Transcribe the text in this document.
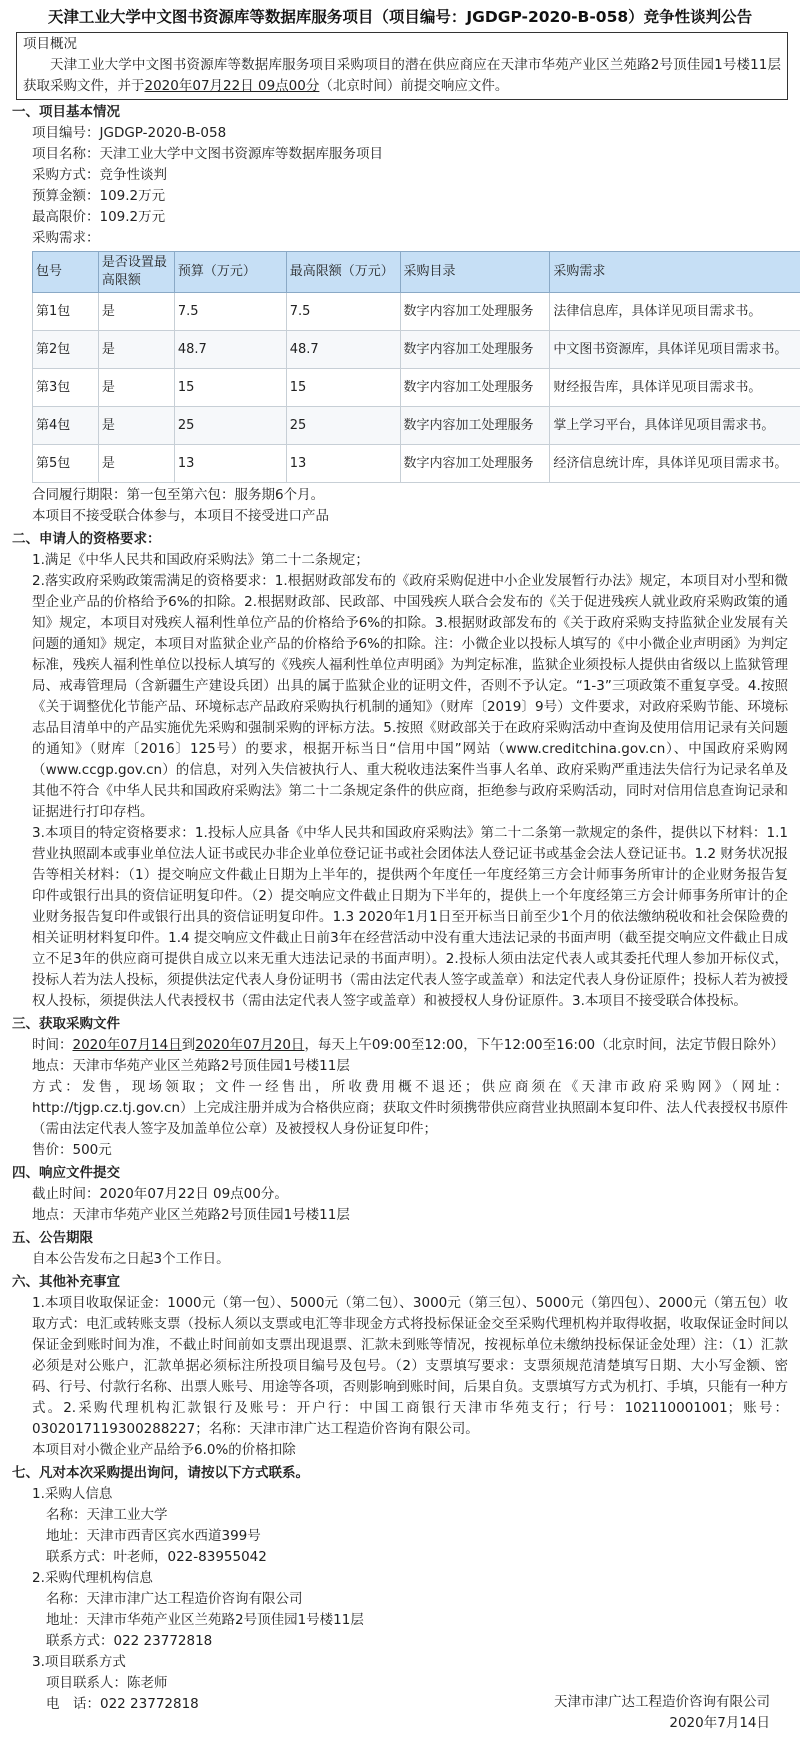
天津工业大学中文图书资源库等数据库服务项目（项目编号：JGDGP-2020-B-058）竞争性谈判公告
项目概况
天津工业大学中文图书资源库等数据库服务项目采购项目的潜在供应商应在天津市华苑产业区兰苑路2号顶佳园1号楼11层获取采购文件，并于2020年07月22日 09点00分（北京时间）前提交响应文件。
一、项目基本情况
项目编号：JGDGP-2020-B-058
项目名称：天津工业大学中文图书资源库等数据库服务项目
采购方式：竞争性谈判
预算金额：109.2万元
最高限价：109.2万元
采购需求：
包号	是否设置最高限额	预算（万元）	最高限额（万元）	采购目录	采购需求
第1包	是	7.5	7.5	数字内容加工处理服务	法律信息库，具体详见项目需求书。
第2包	是	48.7	48.7	数字内容加工处理服务	中文图书资源库，具体详见项目需求书。
第3包	是	15	15	数字内容加工处理服务	财经报告库，具体详见项目需求书。
第4包	是	25	25	数字内容加工处理服务	掌上学习平台，具体详见项目需求书。
第5包	是	13	13	数字内容加工处理服务	经济信息统计库，具体详见项目需求书。
合同履行期限：第一包至第六包：服务期6个月。
本项目不接受联合体参与，本项目不接受进口产品
二、申请人的资格要求：
1.满足《中华人民共和国政府采购法》第二十二条规定；
2.落实政府采购政策需满足的资格要求：1.根据财政部发布的《政府采购促进中小企业发展暂行办法》规定，本项目对小型和微型企业产品的价格给予6%的扣除。2.根据财政部、民政部、中国残疾人联合会发布的《关于促进残疾人就业政府采购政策的通知》规定，本项目对残疾人福利性单位产品的价格给予6%的扣除。3.根据财政部发布的《关于政府采购支持监狱企业发展有关问题的通知》规定，本项目对监狱企业产品的价格给予6%的扣除。注：小微企业以投标人填写的《中小微企业声明函》为判定标准，残疾人福利性单位以投标人填写的《残疾人福利性单位声明函》为判定标准，监狱企业须投标人提供由省级以上监狱管理局、戒毒管理局（含新疆生产建设兵团）出具的属于监狱企业的证明文件，否则不予认定。“1-3”三项政策不重复享受。4.按照《关于调整优化节能产品、环境标志产品政府采购执行机制的通知》（财库〔2019〕9号）文件要求，对政府采购节能、环境标志品目清单中的产品实施优先采购和强制采购的评标方法。5.按照《财政部关于在政府采购活动中查询及使用信用记录有关问题的通知》（财库〔2016〕125号）的要求，根据开标当日“信用中国”网站（www.creditchina.gov.cn）、中国政府采购网（www.ccgp.gov.cn）的信息，对列入失信被执行人、重大税收违法案件当事人名单、政府采购严重违法失信行为记录名单及其他不符合《中华人民共和国政府采购法》第二十二条规定条件的供应商，拒绝参与政府采购活动，同时对信用信息查询记录和证据进行打印存档。
3.本项目的特定资格要求：1.投标人应具备《中华人民共和国政府采购法》第二十二条第一款规定的条件，提供以下材料：1.1 营业执照副本或事业单位法人证书或民办非企业单位登记证书或社会团体法人登记证书或基金会法人登记证书。1.2 财务状况报告等相关材料：（1）提交响应文件截止日期为上半年的，提供两个年度任一年度经第三方会计师事务所审计的企业财务报告复印件或银行出具的资信证明复印件。（2）提交响应文件截止日期为下半年的，提供上一个年度经第三方会计师事务所审计的企业财务报告复印件或银行出具的资信证明复印件。1.3 2020年1月1日至开标当日前至少1个月的依法缴纳税收和社会保险费的相关证明材料复印件。1.4 提交响应文件截止日前3年在经营活动中没有重大违法记录的书面声明（截至提交响应文件截止日成立不足3年的供应商可提供自成立以来无重大违法记录的书面声明）。2.投标人须由法定代表人或其委托代理人参加开标仪式，投标人若为法人投标，须提供法定代表人身份证明书（需由法定代表人签字或盖章）和法定代表人身份证原件；投标人若为被授权人投标，须提供法人代表授权书（需由法定代表人签字或盖章）和被授权人身份证原件。3.本项目不接受联合体投标。
三、获取采购文件
时间：2020年07月14日到2020年07月20日，每天上午09:00至12:00，下午12:00至16:00（北京时间，法定节假日除外）
地点：天津市华苑产业区兰苑路2号顶佳园1号楼11层
方式：发售，现场领取；文件一经售出，所收费用概不退还；供应商须在《天津市政府采购网》（网址：http://tjgp.cz.tj.gov.cn）上完成注册并成为合格供应商；获取文件时须携带供应商营业执照副本复印件、法人代表授权书原件（需由法定代表人签字及加盖单位公章）及被授权人身份证复印件；
售价：500元
四、响应文件提交
截止时间：2020年07月22日 09点00分。
地点：天津市华苑产业区兰苑路2号顶佳园1号楼11层
五、公告期限
自本公告发布之日起3个工作日。
六、其他补充事宜
1.本项目收取保证金：1000元（第一包）、5000元（第二包）、3000元（第三包）、5000元（第四包）、2000元（第五包）收取方式：电汇或转账支票（投标人须以支票或电汇等非现金方式将投标保证金交至采购代理机构并取得收据，收取保证金时间以保证金到账时间为准，不截止时间前如支票出现退票、汇款未到账等情况，按视标单位未缴纳投标保证金处理）注：（1）汇款必须是对公账户，汇款单据必须标注所投项目编号及包号。（2）支票填写要求：支票须规范清楚填写日期、大小写金额、密码、行号、付款行名称、出票人账号、用途等各项，否则影响到账时间，后果自负。支票填写方式为机打、手填，只能有一种方式。2.采购代理机构汇款银行及账号：开户行：中国工商银行天津市华苑支行；行号：102110001001；账号：0302017119300288227；名称：天津市津广达工程造价咨询有限公司。
本项目对小微企业产品给予6.0%的价格扣除
七、凡对本次采购提出询问，请按以下方式联系。
1.采购人信息
名称：天津工业大学
地址：天津市西青区宾水西道399号
联系方式：叶老师，022-83955042
2.采购代理机构信息
名称：天津市津广达工程造价咨询有限公司
地址：天津市华苑产业区兰苑路2号顶佳园1号楼11层
联系方式：022 23772818
3.项目联系方式
项目联系人：陈老师
电　话：022 23772818	天津市津广达工程造价咨询有限公司
2020年7月14日
